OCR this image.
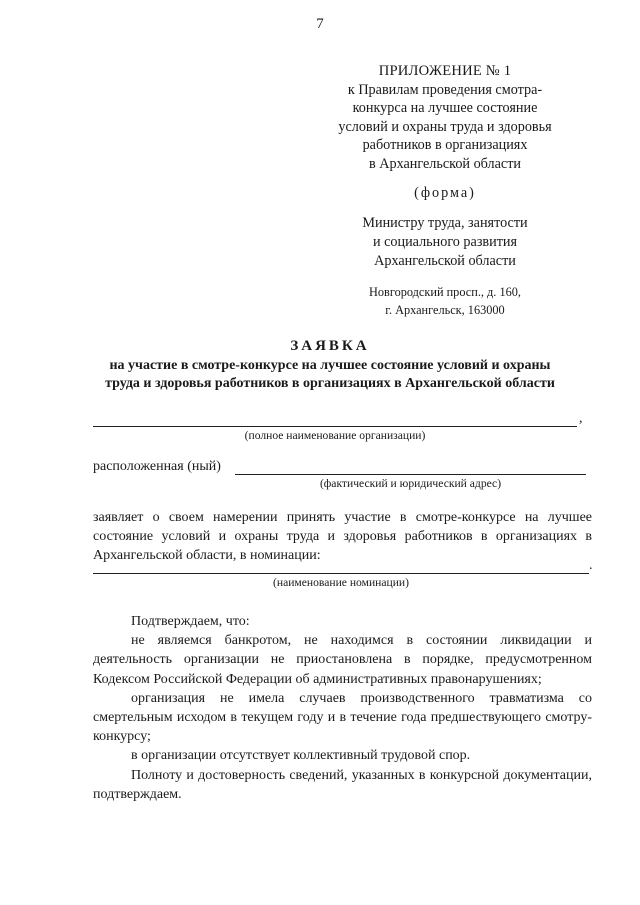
7
ПРИЛОЖЕНИЕ № 1
к Правилам проведения смотра-
конкурса на лучшее состояние
условий и охраны труда и здоровья
работников в организациях
в Архангельской области
(форма)
Министру труда, занятости
и социального развития
Архангельской области
Новгородский просп., д. 160,
г. Архангельск, 163000
ЗАЯВКА
на участие в смотре-конкурсе на лучшее состояние условий и охраны
труда и здоровья работников в организациях в Архангельской области
,
(полное наименование организации)
расположенная (ный)
(фактический и юридический адрес)
заявляет о своем намерении принять участие в смотре-конкурсе на лучшее состояние условий и охраны труда и здоровья работников в организациях в Архангельской области, в номинации:
.
(наименование номинации)

Подтверждаем, что:

не являемся банкротом, не находимся в состоянии ликвидации и деятельность организации не приостановлена в порядке, предусмотренном Кодексом Российской Федерации об административных правонарушениях;

организация не имела случаев производственного травматизма со смертельным исходом в текущем году и в течение года предшествующего смотру-конкурсу;

в организации отсутствует коллективный трудовой спор.

Полноту и достоверность сведений, указанных в конкурсной документации, подтверждаем.
